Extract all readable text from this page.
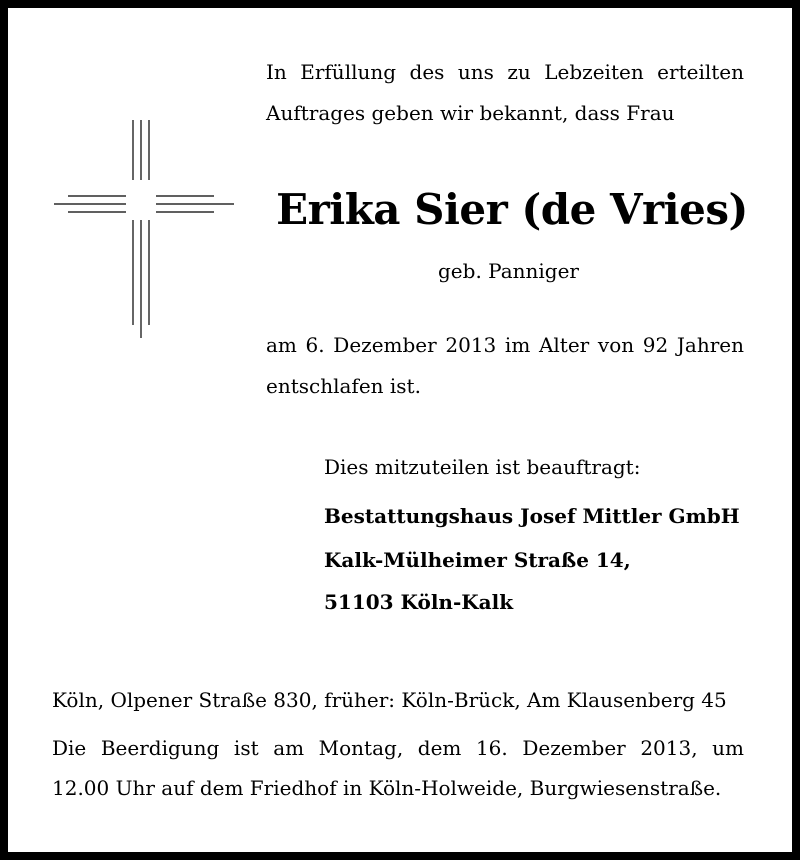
In Erfüllung des uns zu Lebzeiten erteilten
Auftrages geben wir bekannt, dass Frau
Erika Sier (de Vries)
geb. Panniger
am 6. Dezember 2013 im Alter von 92 Jahren
entschlafen ist.
Dies mitzuteilen ist beauftragt:
Bestattungshaus Josef Mittler GmbH
Kalk-Mülheimer Straße 14,
51103 Köln-Kalk
Köln, Olpener Straße 830, früher: Köln-Brück, Am Klausenberg 45
Die Beerdigung ist am Montag, dem 16. Dezember 2013, um
12.00 Uhr auf dem Friedhof in Köln-Holweide, Burgwiesenstraße.
